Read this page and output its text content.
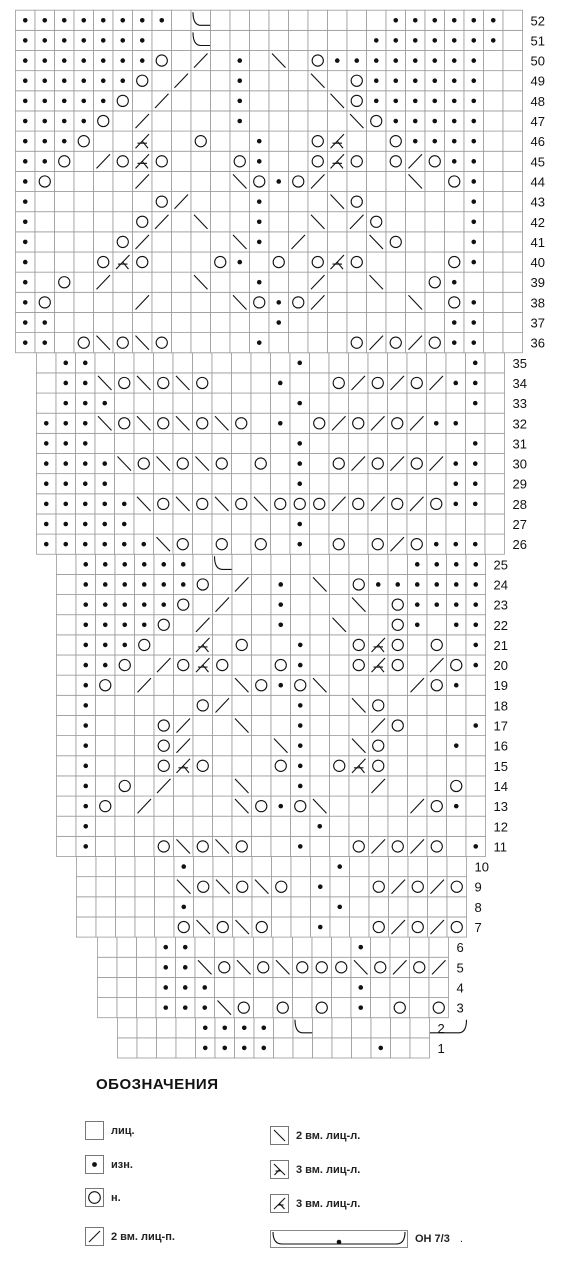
1
2
3
4
5
6
7
8
9
10
11
12
13
14
15
16
17
18
19
20
21
22
23
24
25
26
27
28
29
30
31
32
33
34
35
36
37
38
39
40
41
42
43
44
45
46
47
48
49
50
51
52
ОБОЗНАЧЕНИЯ
лиц.
изн.
н.
2 вм. лиц-п.
2 вм. лиц-л.
3 вм. лиц-л.
3 вм. лиц-л.
ОН 7/3 .
